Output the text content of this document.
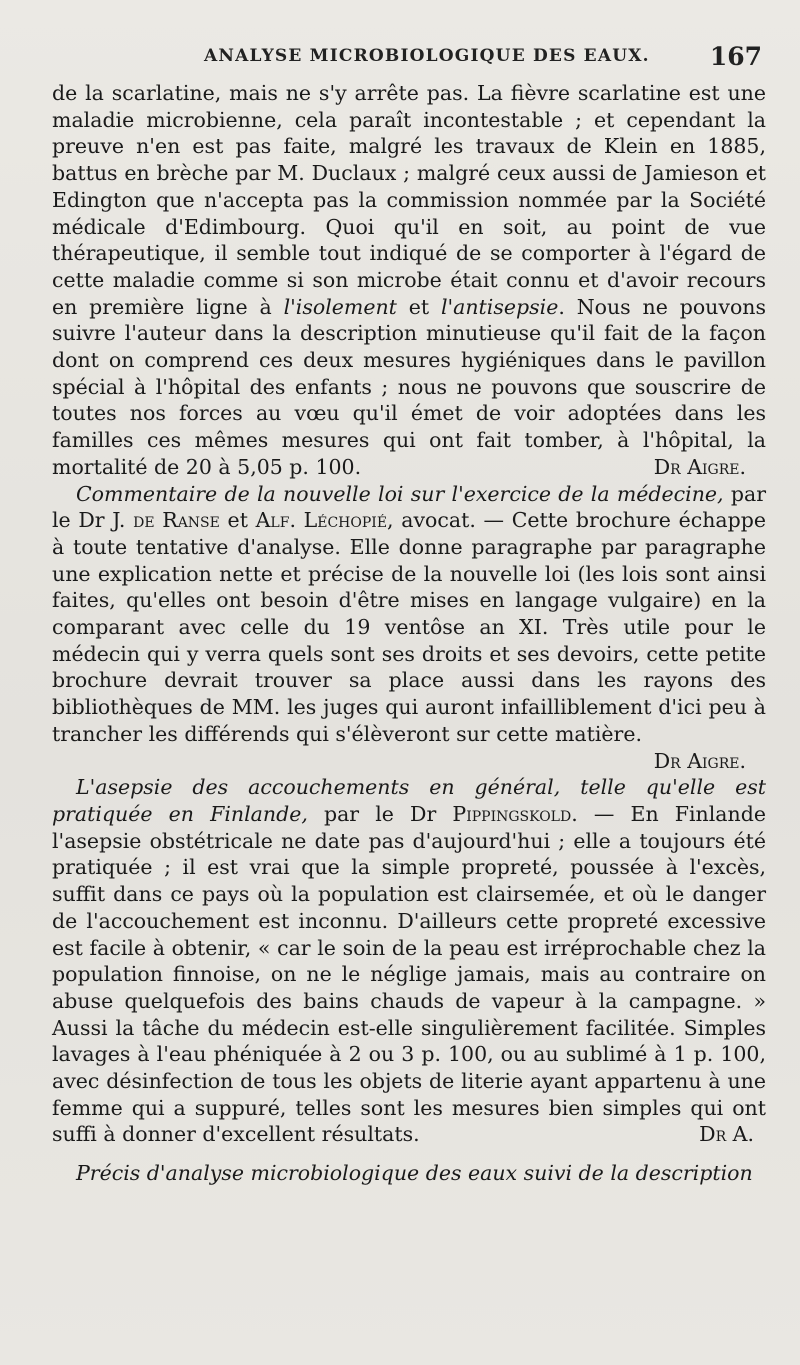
ANALYSE MICROBIOLOGIQUE DES EAUX. 167

de la scarlatine, mais ne s'y arrête pas. La fièvre scarlatine est une maladie microbienne, cela paraît incontestable ; et cependant la preuve n'en est pas faite, malgré les travaux de Klein en 1885, battus en brèche par M. Duclaux ; malgré ceux aussi de Jamieson et Edington que n'accepta pas la commission nommée par la Société médicale d'Edimbourg. Quoi qu'il en soit, au point de vue thérapeutique, il semble tout indiqué de se comporter à l'égard de cette maladie comme si son microbe était connu et d'avoir recours en première ligne à l'isolement et l'antisepsie. Nous ne pouvons suivre l'auteur dans la description minutieuse qu'il fait de la façon dont on comprend ces deux mesures hygiéniques dans le pavillon spécial à l'hôpital des enfants ; nous ne pouvons que souscrire de toutes nos forces au vœu qu'il émet de voir adoptées dans les familles ces mêmes mesures qui ont fait tomber, à l'hôpital, la mortalité de 20 à 5,05 p. 100.	Dr Aigre.

Commentaire de la nouvelle loi sur l'exercice de la médecine, par le Dr J. de Ranse et Alf. Léchopié, avocat. — Cette brochure échappe à toute tentative d'analyse. Elle donne paragraphe par paragraphe une explication nette et précise de la nouvelle loi (les lois sont ainsi faites, qu'elles ont besoin d'être mises en langage vulgaire) en la comparant avec celle du 19 ventôse an XI. Très utile pour le médecin qui y verra quels sont ses droits et ses devoirs, cette petite brochure devrait trouver sa place aussi dans les rayons des bibliothèques de MM. les juges qui auront infailliblement d'ici peu à trancher les différends qui s'élèveront sur cette matière.
Dr Aigre.

L'asepsie des accouchements en général, telle qu'elle est pratiquée en Finlande, par le Dr Pippingskold. — En Finlande l'asepsie obstétricale ne date pas d'aujourd'hui ; elle a toujours été pratiquée ; il est vrai que la simple propreté, poussée à l'excès, suffit dans ce pays où la population est clairsemée, et où le danger de l'accouchement est inconnu. D'ailleurs cette propreté excessive est facile à obtenir, « car le soin de la peau est irréprochable chez la population finnoise, on ne le néglige jamais, mais au contraire on abuse quelquefois des bains chauds de vapeur à la campagne. » Aussi la tâche du médecin est-elle singulièrement facilitée. Simples lavages à l'eau phéniquée à 2 ou 3 p. 100, ou au sublimé à 1 p. 100, avec désinfection de tous les objets de literie ayant appartenu à une femme qui a suppuré, telles sont les mesures bien simples qui ont suffi à donner d'excellent résultats.	Dr A.

Précis d'analyse microbiologique des eaux suivi de la description
